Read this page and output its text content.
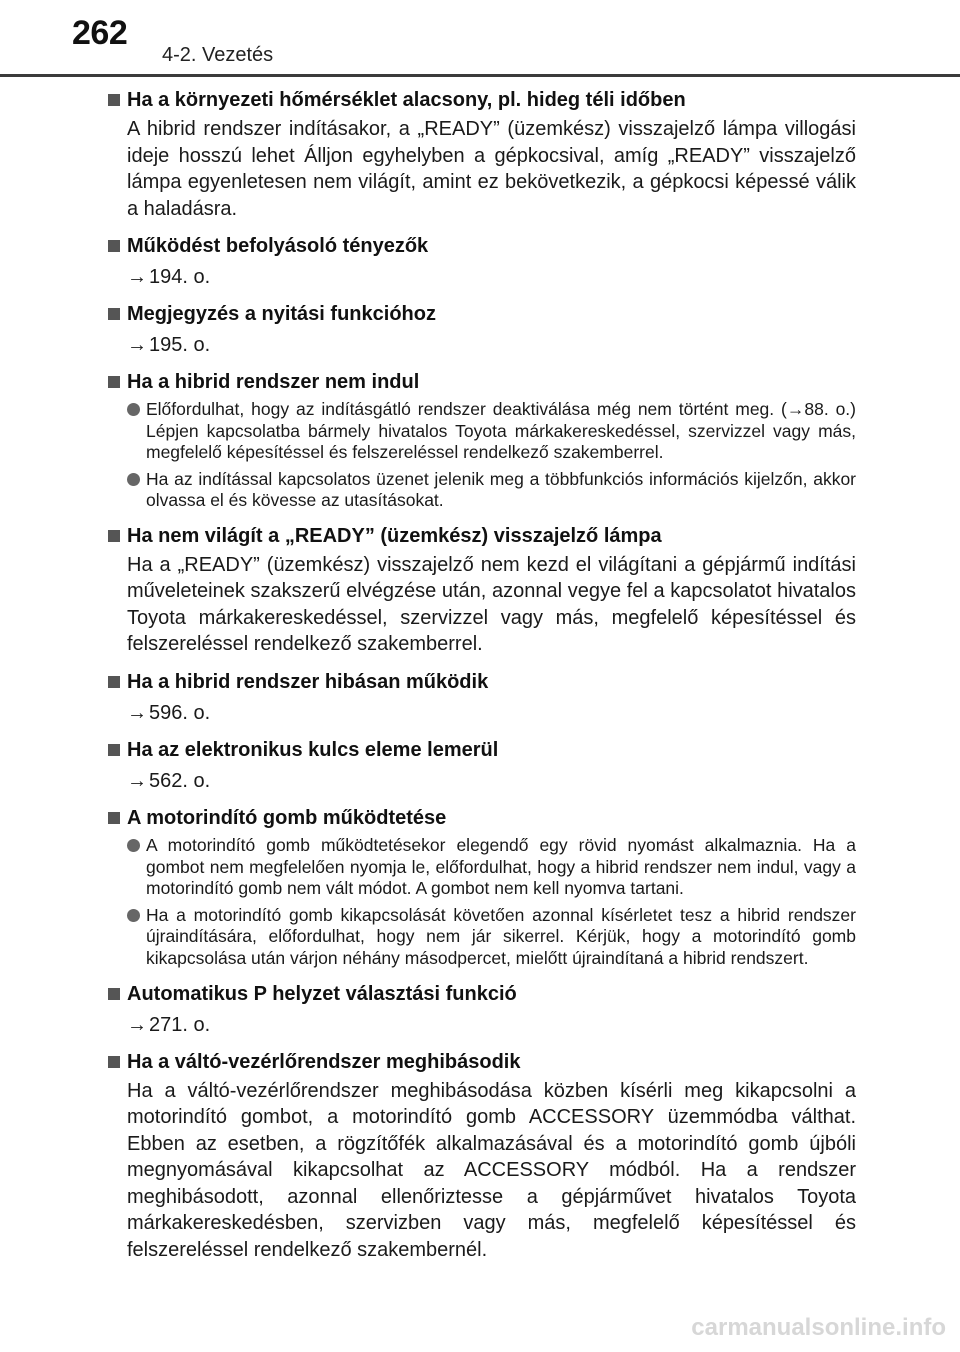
262
4-2. Vezetés
Ha a környezeti hőmérséklet alacsony, pl. hideg téli időben
A hibrid rendszer indításakor, a „READY” (üzemkész) visszajelző lámpa villogási ideje hosszú lehet Álljon egyhelyben a gépkocsival, amíg „READY” visszajelző lámpa egyenletesen nem világít, amint ez bekövetkezik, a gépkocsi képessé válik a haladásra.
Működést befolyásoló tényezők
→ 194. o.
Megjegyzés a nyitási funkcióhoz
→ 195. o.
Ha a hibrid rendszer nem indul
Előfordulhat, hogy az indításgátló rendszer deaktiválása még nem történt meg. (→88. o.) Lépjen kapcsolatba bármely hivatalos Toyota márkakereskedéssel, szervizzel vagy más, megfelelő képesítéssel és felszereléssel rendelkező szakemberrel.
Ha az indítással kapcsolatos üzenet jelenik meg a többfunkciós információs kijelzőn, akkor olvassa el és kövesse az utasításokat.
Ha nem világít a „READY” (üzemkész) visszajelző lámpa
Ha a „READY” (üzemkész) visszajelző nem kezd el világítani a gépjármű indítási műveleteinek szakszerű elvégzése után, azonnal vegye fel a kapcsolatot hivatalos Toyota márkakereskedéssel, szervizzel vagy más, megfelelő képesítéssel és felszereléssel rendelkező szakemberrel.
Ha a hibrid rendszer hibásan működik
→ 596. o.
Ha az elektronikus kulcs eleme lemerül
→ 562. o.
A motorindító gomb működtetése
A motorindító gomb működtetésekor elegendő egy rövid nyomást alkalmaznia. Ha a gombot nem megfelelően nyomja le, előfordulhat, hogy a hibrid rendszer nem indul, vagy a motorindító gomb nem vált módot. A gombot nem kell nyomva tartani.
Ha a motorindító gomb kikapcsolását követően azonnal kísérletet tesz a hibrid rendszer újraindítására, előfordulhat, hogy nem jár sikerrel. Kérjük, hogy a motorindító gomb kikapcsolása után várjon néhány másodpercet, mielőtt újraindítaná a hibrid rendszert.
Automatikus P helyzet választási funkció
→ 271. o.
Ha a váltó-vezérlőrendszer meghibásodik
Ha a váltó-vezérlőrendszer meghibásodása közben kísérli meg kikapcsolni a motorindító gombot, a motorindító gomb ACCESSORY üzemmódba válthat. Ebben az esetben, a rögzítőfék alkalmazásával és a motorindító gomb újbóli megnyomásával kikapcsolhat az ACCESSORY módból. Ha a rendszer meghibásodott, azonnal ellenőriztesse a gépjárművet hivatalos Toyota márkakereskedésben, szervizben vagy más, megfelelő képesítéssel és felszereléssel rendelkező szakembernél.
carmanualsonline.info
